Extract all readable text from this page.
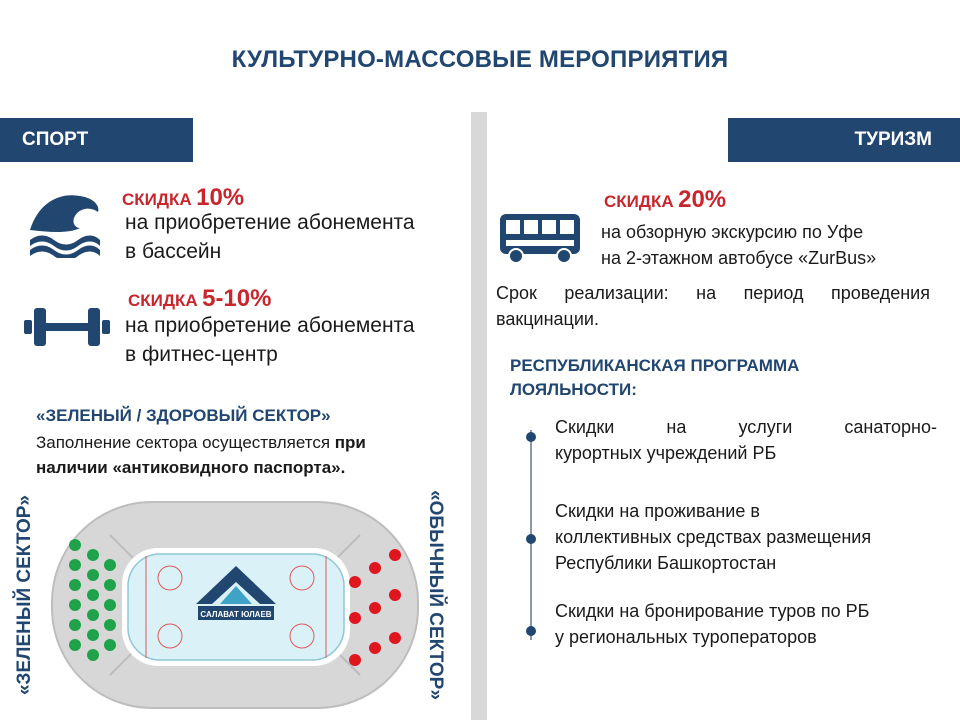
КУЛЬТУРНО-МАССОВЫЕ МЕРОПРИЯТИЯ
СПОРТ	ТУРИЗМ
СКИДКА 10%
на приобретение абонемента
в бассейн
СКИДКА 5-10%
на приобретение абонемента
в фитнес-центр
«ЗЕЛЕНЫЙ / ЗДОРОВЫЙ СЕКТОР»
Заполнение сектора осуществляется при
наличии «антиковидного паспорта».
«ЗЕЛЕНЫЙ СЕКТОР»	«ОБЫЧНЫЙ СЕКТОР»
САЛАВАТ ЮЛАЕВ
СКИДКА 20%
на обзорную экскурсию по Уфе
на 2-этажном автобусе «ZurBus»
Срок реализации: на период проведения
вакцинации.
РЕСПУБЛИКАНСКАЯ ПРОГРАММА
ЛОЯЛЬНОСТИ:
Скидки на услуги санаторно-
курортных учреждений РБ
Скидки на проживание в
коллективных средствах размещения
Республики Башкортостан
Скидки на бронирование туров по РБ
у региональных туроператоров
